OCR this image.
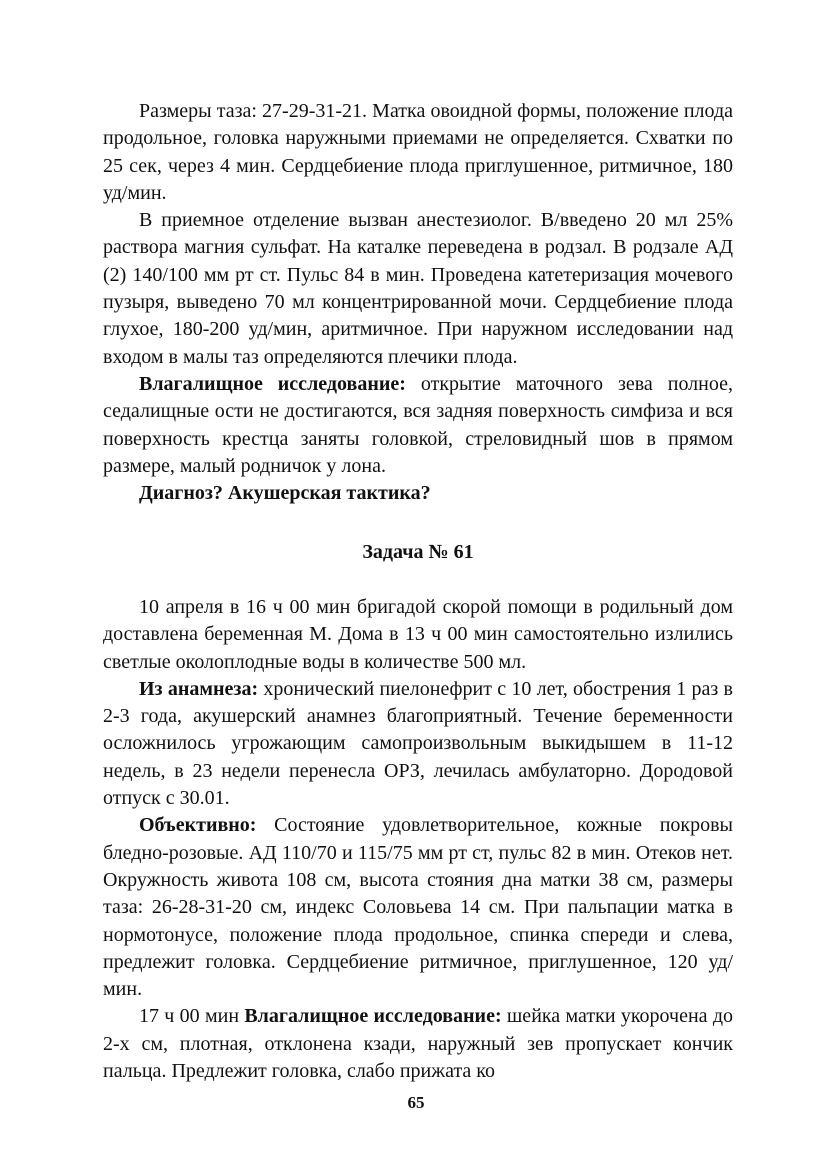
Размеры таза: 27-29-31-21. Матка овоидной формы, положение плода продольное, головка наружными приемами не определяется. Схватки по 25 сек, через 4 мин. Сердцебиение плода приглушенное, ритмичное, 180 уд/мин.

В приемное отделение вызван анестезиолог. В/введено 20 мл 25% раствора магния сульфат. На каталке переведена в родзал. В родзале АД (2) 140/100 мм рт ст. Пульс 84 в мин. Проведена катетеризация мочевого пузыря, выведено 70 мл концентрированной мочи. Сердцебиение плода глухое, 180-200 уд/мин, аритмичное. При наружном исследовании над входом в малы таз определяются плечики плода.

Влагалищное исследование: открытие маточного зева полное, седалищные ости не достигаются, вся задняя поверхность симфиза и вся поверхность крестца заняты головкой, стреловидный шов в прямом размере, малый родничок у лона.

Диагноз? Акушерская тактика?

Задача № 61

10 апреля в 16 ч 00 мин бригадой скорой помощи в родильный дом доставлена беременная М. Дома в 13 ч 00 мин самостоятельно излились светлые околоплодные воды в количестве 500 мл.

Из анамнеза: хронический пиелонефрит с 10 лет, обострения 1 раз в 2-3 года, акушерский анамнез благоприятный. Течение беременности осложнилось угрожающим самопроизвольным выкидышем в 11-12 недель, в 23 недели перенесла ОРЗ, лечилась амбулаторно. Дородовой отпуск с 30.01.

Объективно: Состояние удовлетворительное, кожные покровы бледно-розовые. АД 110/70 и 115/75 мм рт ст, пульс 82 в мин. Отеков нет. Окружность живота 108 см, высота стояния дна матки 38 см, размеры таза: 26-28-31-20 см, индекс Соловьева 14 см. При пальпации матка в нормотонусе, положение плода продольное, спинка спереди и слева, предлежит головка. Сердцебиение ритмичное, приглушенное, 120 уд/мин.

17 ч 00 мин Влагалищное исследование: шейка матки укорочена до 2-х см, плотная, отклонена кзади, наружный зев пропускает кончик пальца. Предлежит головка, слабо прижата ко

65
